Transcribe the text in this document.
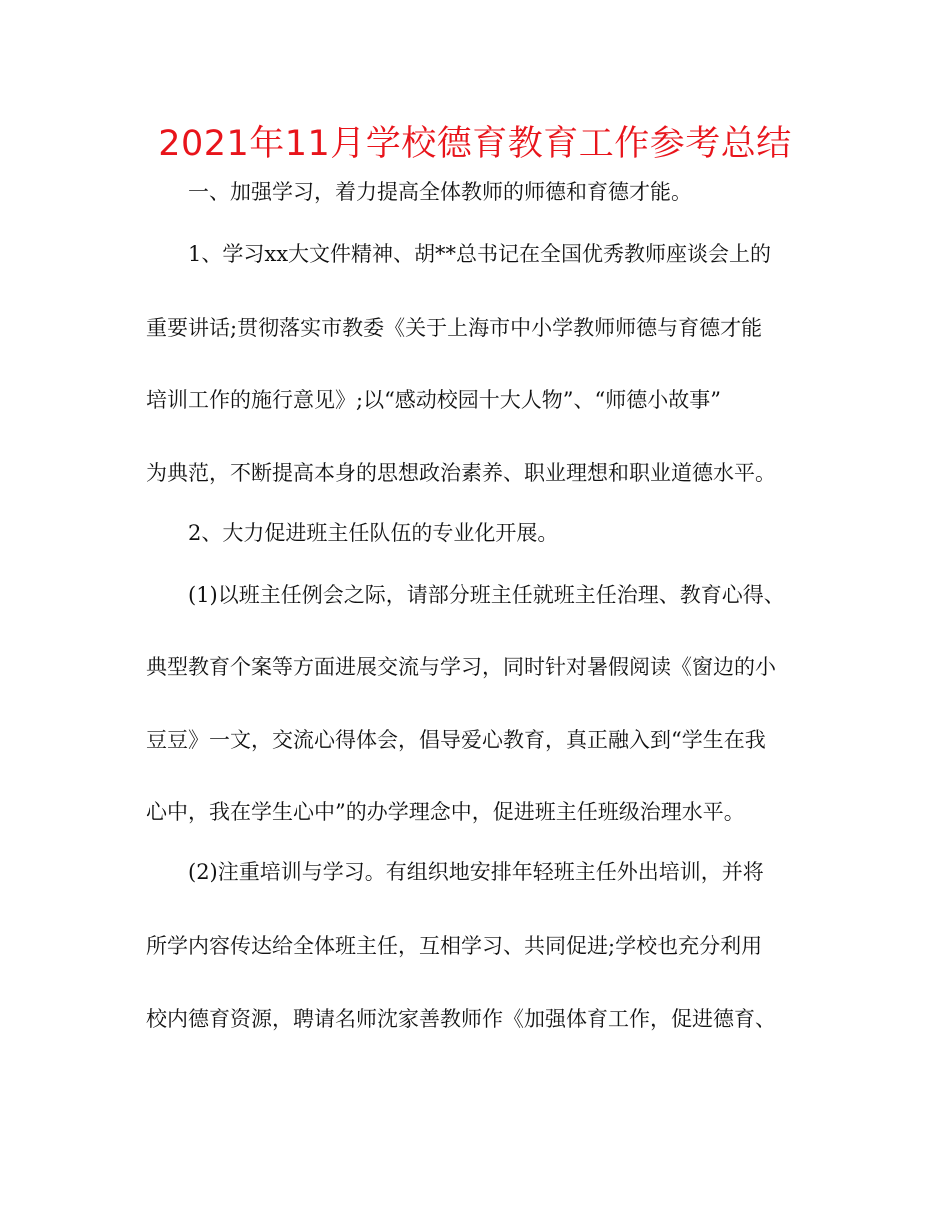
2021年11月学校德育教育工作参考总结
一、加强学习，着力提高全体教师的师德和育德才能。
1、学习xx大文件精神、胡**总书记在全国优秀教师座谈会上的
重要讲话;贯彻落实市教委《关于上海市中小学教师师德与育德才能
培训工作的施行意见》;以“感动校园十大人物”、“师德小故事”
为典范，不断提高本身的思想政治素养、职业理想和职业道德水平。
2、大力促进班主任队伍的专业化开展。
(1)以班主任例会之际，请部分班主任就班主任治理、教育心得、
典型教育个案等方面进展交流与学习，同时针对暑假阅读《窗边的小
豆豆》一文，交流心得体会，倡导爱心教育，真正融入到“学生在我
心中，我在学生心中”的办学理念中，促进班主任班级治理水平。
(2)注重培训与学习。有组织地安排年轻班主任外出培训，并将
所学内容传达给全体班主任，互相学习、共同促进;学校也充分利用
校内德育资源，聘请名师沈家善教师作《加强体育工作，促进德育、
